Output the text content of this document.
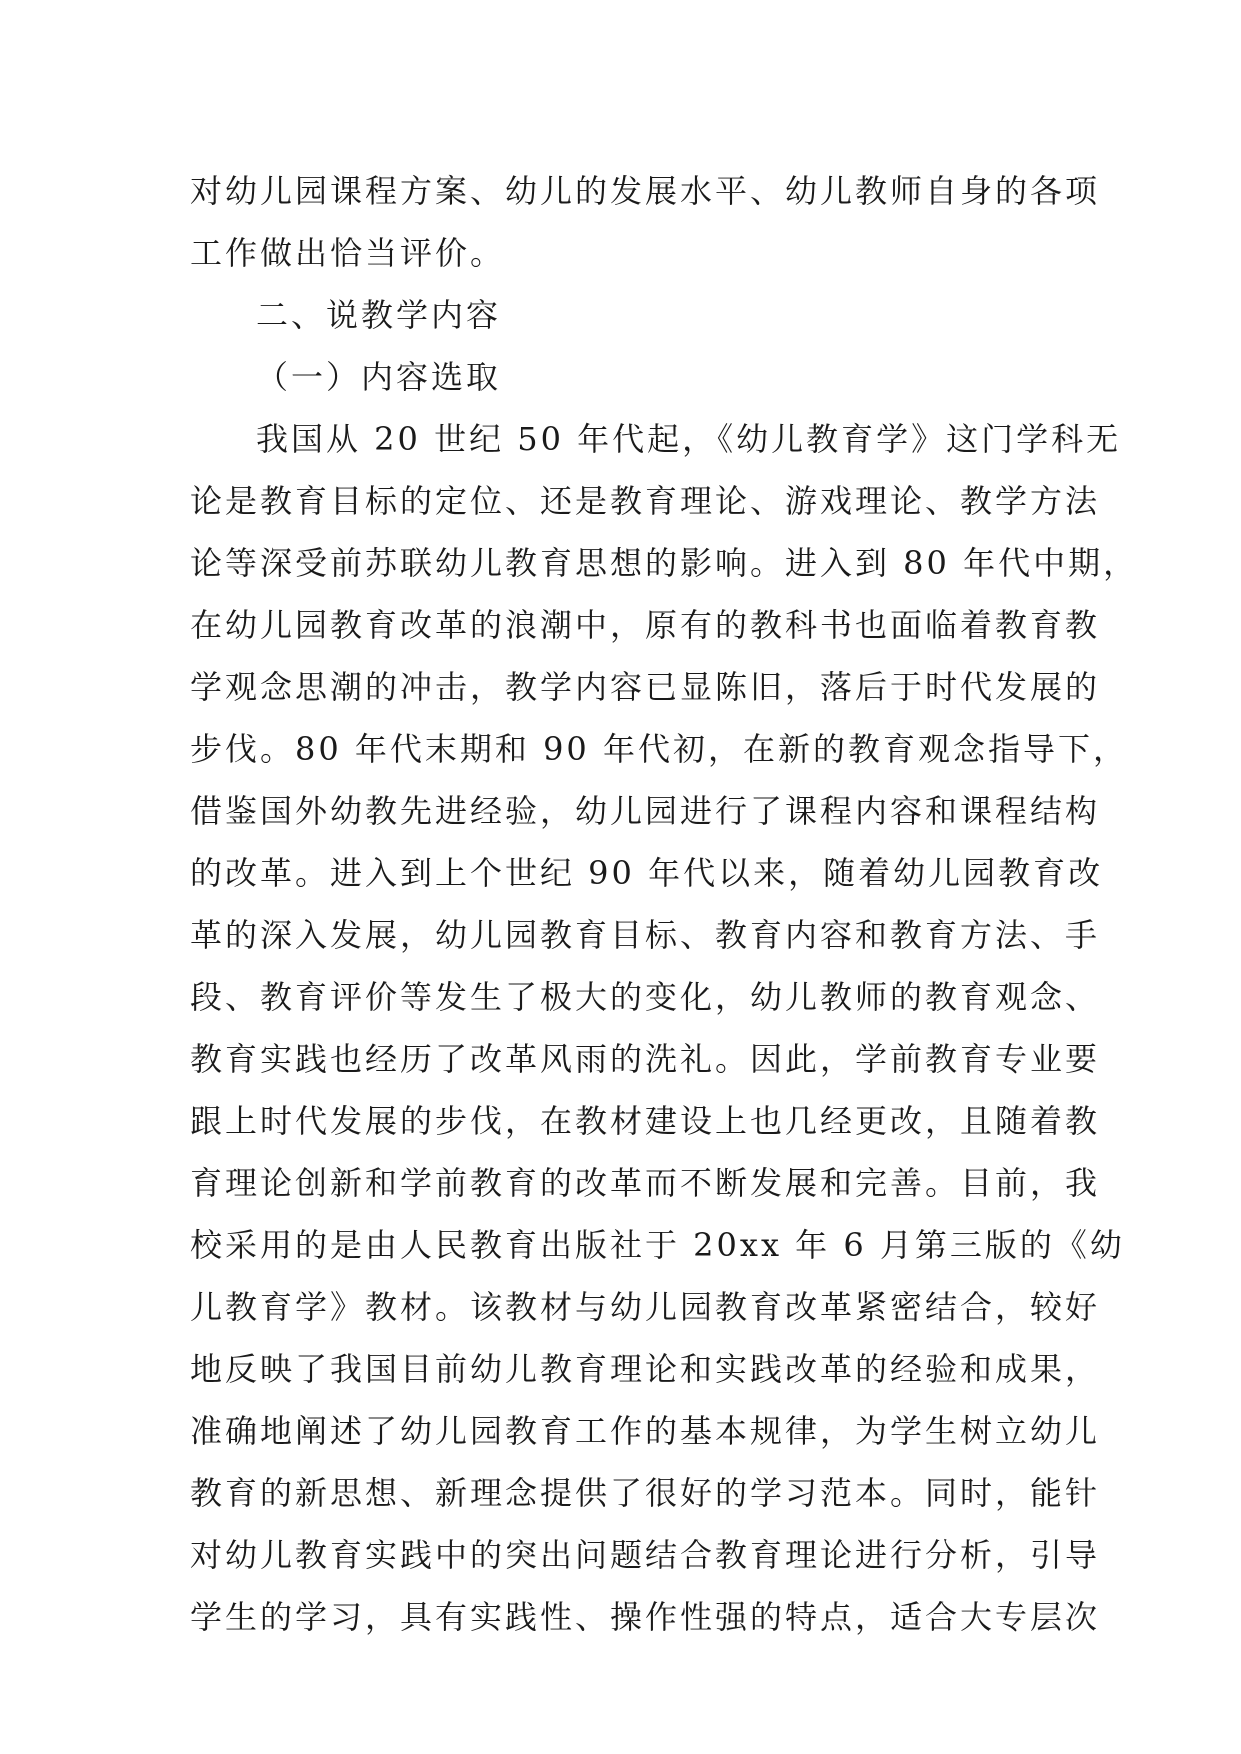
对幼儿园课程方案、幼儿的发展水平、幼儿教师自身的各项
工作做出恰当评价。
二、说教学内容
（一）内容选取
我国从 20 世纪 50 年代起，《幼儿教育学》这门学科无
论是教育目标的定位、还是教育理论、游戏理论、教学方法
论等深受前苏联幼儿教育思想的影响。进入到 80 年代中期，
在幼儿园教育改革的浪潮中，原有的教科书也面临着教育教
学观念思潮的冲击，教学内容已显陈旧，落后于时代发展的
步伐。80 年代末期和 90 年代初，在新的教育观念指导下，
借鉴国外幼教先进经验，幼儿园进行了课程内容和课程结构
的改革。进入到上个世纪 90 年代以来，随着幼儿园教育改
革的深入发展，幼儿园教育目标、教育内容和教育方法、手
段、教育评价等发生了极大的变化，幼儿教师的教育观念、
教育实践也经历了改革风雨的洗礼。因此，学前教育专业要
跟上时代发展的步伐，在教材建设上也几经更改，且随着教
育理论创新和学前教育的改革而不断发展和完善。目前，我
校采用的是由人民教育出版社于 20xx 年 6 月第三版的《幼
儿教育学》教材。该教材与幼儿园教育改革紧密结合，较好
地反映了我国目前幼儿教育理论和实践改革的经验和成果，
准确地阐述了幼儿园教育工作的基本规律，为学生树立幼儿
教育的新思想、新理念提供了很好的学习范本。同时，能针
对幼儿教育实践中的突出问题结合教育理论进行分析，引导
学生的学习，具有实践性、操作性强的特点，适合大专层次
